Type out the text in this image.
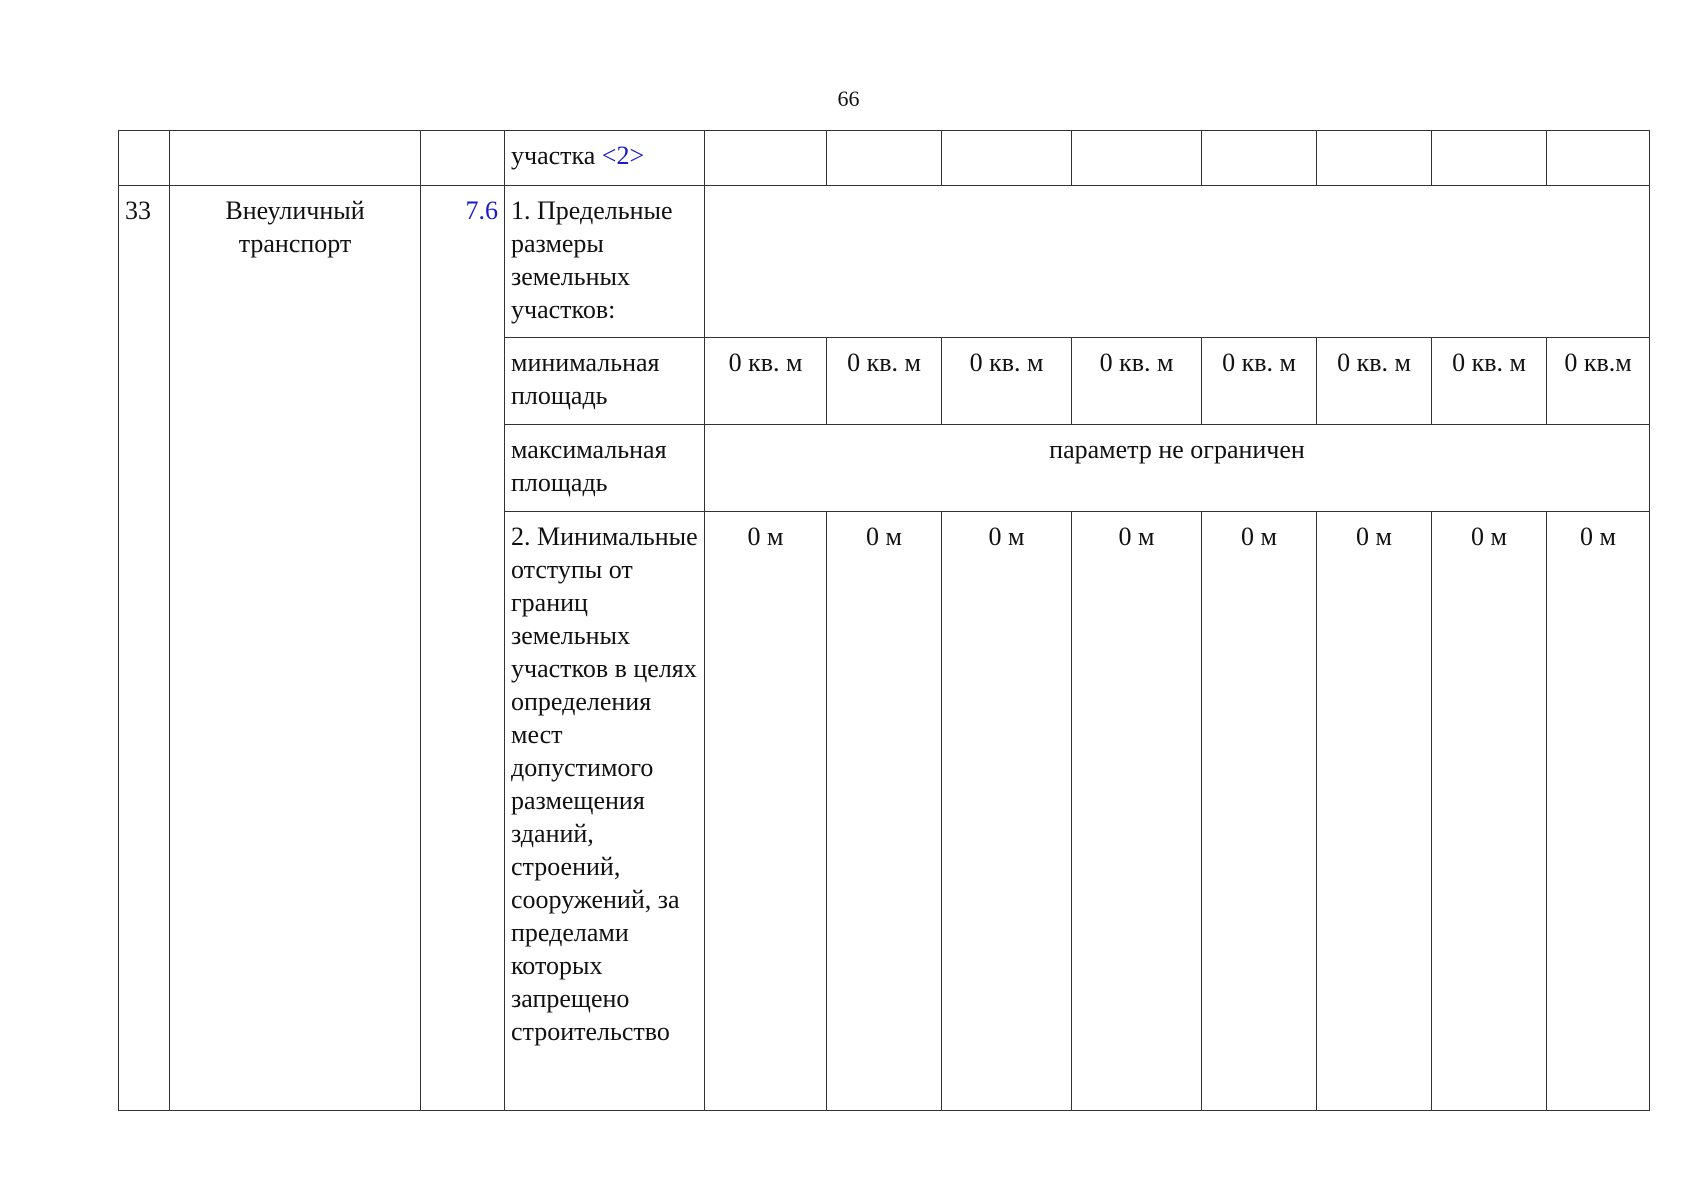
66
			участка <2>								
33	Внеуличный транспорт	7.6	1. Предельные размеры земельных участков:								
			минимальная площадь	0 кв. м	0 кв. м	0 кв. м	0 кв. м	0 кв. м	0 кв. м	0 кв. м	0 кв.м
			максимальная площадь	параметр не ограничен							
			2. Минимальные отступы от границ земельных участков в целях определения мест допустимого размещения зданий, строений, сооружений, за пределами которых запрещено строительство	0 м	0 м	0 м	0 м	0 м	0 м	0 м	0 м
